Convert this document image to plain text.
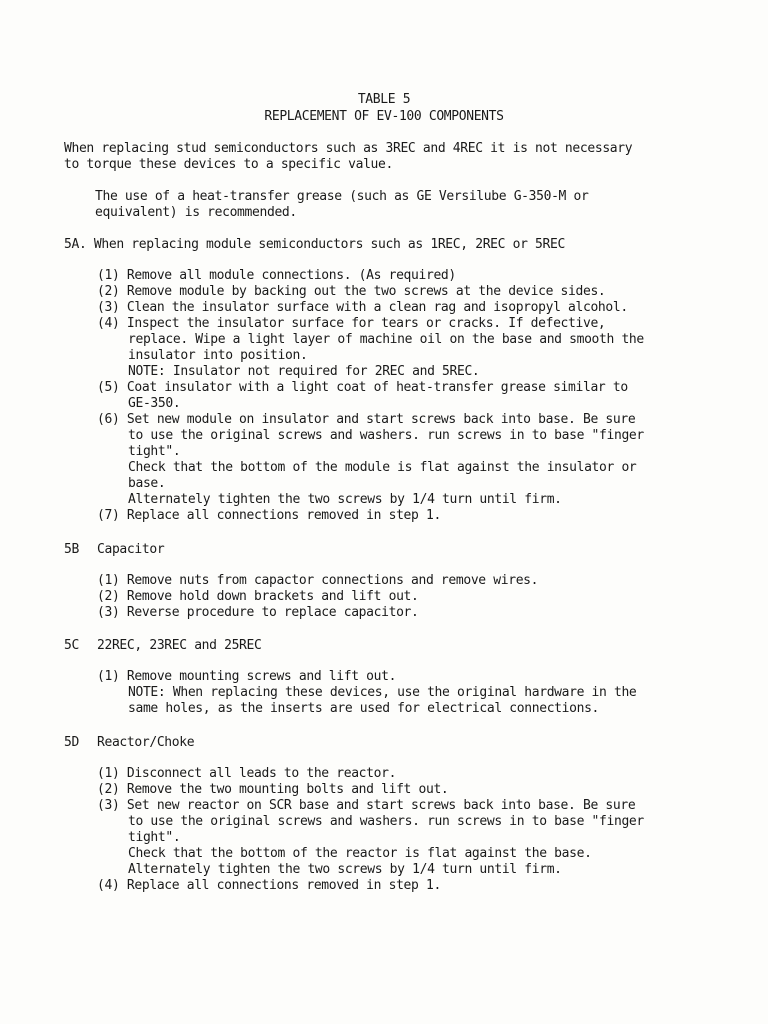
TABLE 5
REPLACEMENT OF EV-100 COMPONENTS
When replacing stud semiconductors such as 3REC and 4REC it is not necessary
to torque these devices to a specific value.
The use of a heat-transfer grease (such as GE Versilube G-350-M or
equivalent) is recommended.
5A. When replacing module semiconductors such as 1REC, 2REC or 5REC
(1) Remove all module connections. (As required)
(2) Remove module by backing out the two screws at the device sides.
(3) Clean the insulator surface with a clean rag and isopropyl alcohol.
(4) Inspect the insulator surface for tears or cracks. If defective,
replace. Wipe a light layer of machine oil on the base and smooth the
insulator into position.
NOTE: Insulator not required for 2REC and 5REC.
(5) Coat insulator with a light coat of heat-transfer grease similar to
GE-350.
(6) Set new module on insulator and start screws back into base. Be sure
to use the original screws and washers. run screws in to base "finger
tight".
Check that the bottom of the module is flat against the insulator or
base.
Alternately tighten the two screws by 1/4 turn until firm.
(7) Replace all connections removed in step 1.
5B Capacitor
(1) Remove nuts from capactor connections and remove wires.
(2) Remove hold down brackets and lift out.
(3) Reverse procedure to replace capacitor.
5C 22REC, 23REC and 25REC
(1) Remove mounting screws and lift out.
NOTE: When replacing these devices, use the original hardware in the
same holes, as the inserts are used for electrical connections.
5D Reactor/Choke
(1) Disconnect all leads to the reactor.
(2) Remove the two mounting bolts and lift out.
(3) Set new reactor on SCR base and start screws back into base. Be sure
to use the original screws and washers. run screws in to base "finger
tight".
Check that the bottom of the reactor is flat against the base.
Alternately tighten the two screws by 1/4 turn until firm.
(4) Replace all connections removed in step 1.
